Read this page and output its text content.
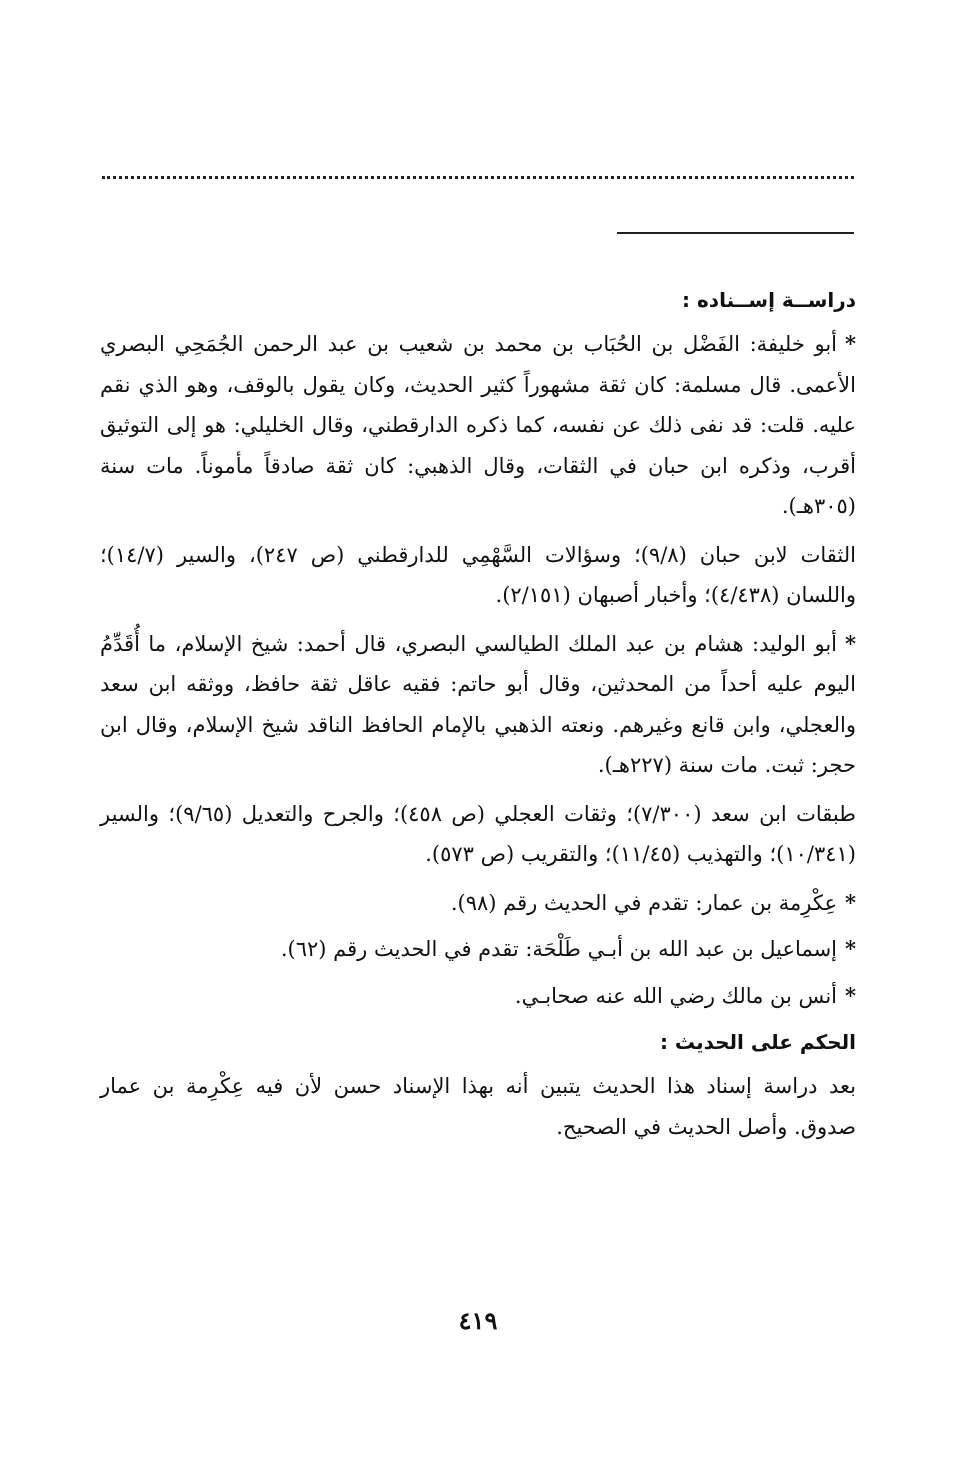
دراســة إســناده :

*أبو خليفة: الفَضْل بن الحُبَاب بن محمد بن شعيب بن عبد الرحمن الجُمَحِي البصري الأعمى. قال مسلمة: كان ثقة مشهوراً كثير الحديث، وكان يقول بالوقف، وهو الذي نقم عليه. قلت: قد نفى ذلك عن نفسه، كما ذكره الدارقطني، وقال الخليلي: هو إلى التوثيق أقرب، وذكره ابن حبان في الثقات، وقال الذهبي: كان ثقة صادقاً مأموناً. مات سنة (٣٠٥هـ).

الثقات لابن حبان (٩/٨)؛ وسؤالات السَّهْمِي للدارقطني (ص ٢٤٧)، والسير (١٤/٧)؛ واللسان (٤/٤٣٨)؛ وأخبار أصبهان (٢/١٥١).

*أبو الوليد: هشام بن عبد الملك الطيالسي البصري، قال أحمد: شيخ الإسلام، ما أُقَدِّمُ اليوم عليه أحداً من المحدثين، وقال أبو حاتم: فقيه عاقل ثقة حافظ، ووثقه ابن سعد والعجلي، وابن قانع وغيرهم. ونعته الذهبي بالإمام الحافظ الناقد شيخ الإسلام، وقال ابن حجر: ثبت. مات سنة (٢٢٧هـ).

طبقات ابن سعد (٧/٣٠٠)؛ وثقات العجلي (ص ٤٥٨)؛ والجرح والتعديل (٩/٦٥)؛ والسير (١٠/٣٤١)؛ والتهذيب (١١/٤٥)؛ والتقريب (ص ٥٧٣).
*عِكْرِمة بن عمار: تقدم في الحديث رقم (٩٨).
*إسماعيل بن عبد الله بن أبـي طَلْحَة: تقدم في الحديث رقم (٦٢).
*أنس بن مالك رضي الله عنه صحابـي.
الحكم على الحديث :
بعد دراسة إسناد هذا الحديث يتبين أنه بهذا الإسناد حسن لأن فيه عِكْرِمة بن عمار صدوق. وأصل الحديث في الصحيح.
٤١٩
